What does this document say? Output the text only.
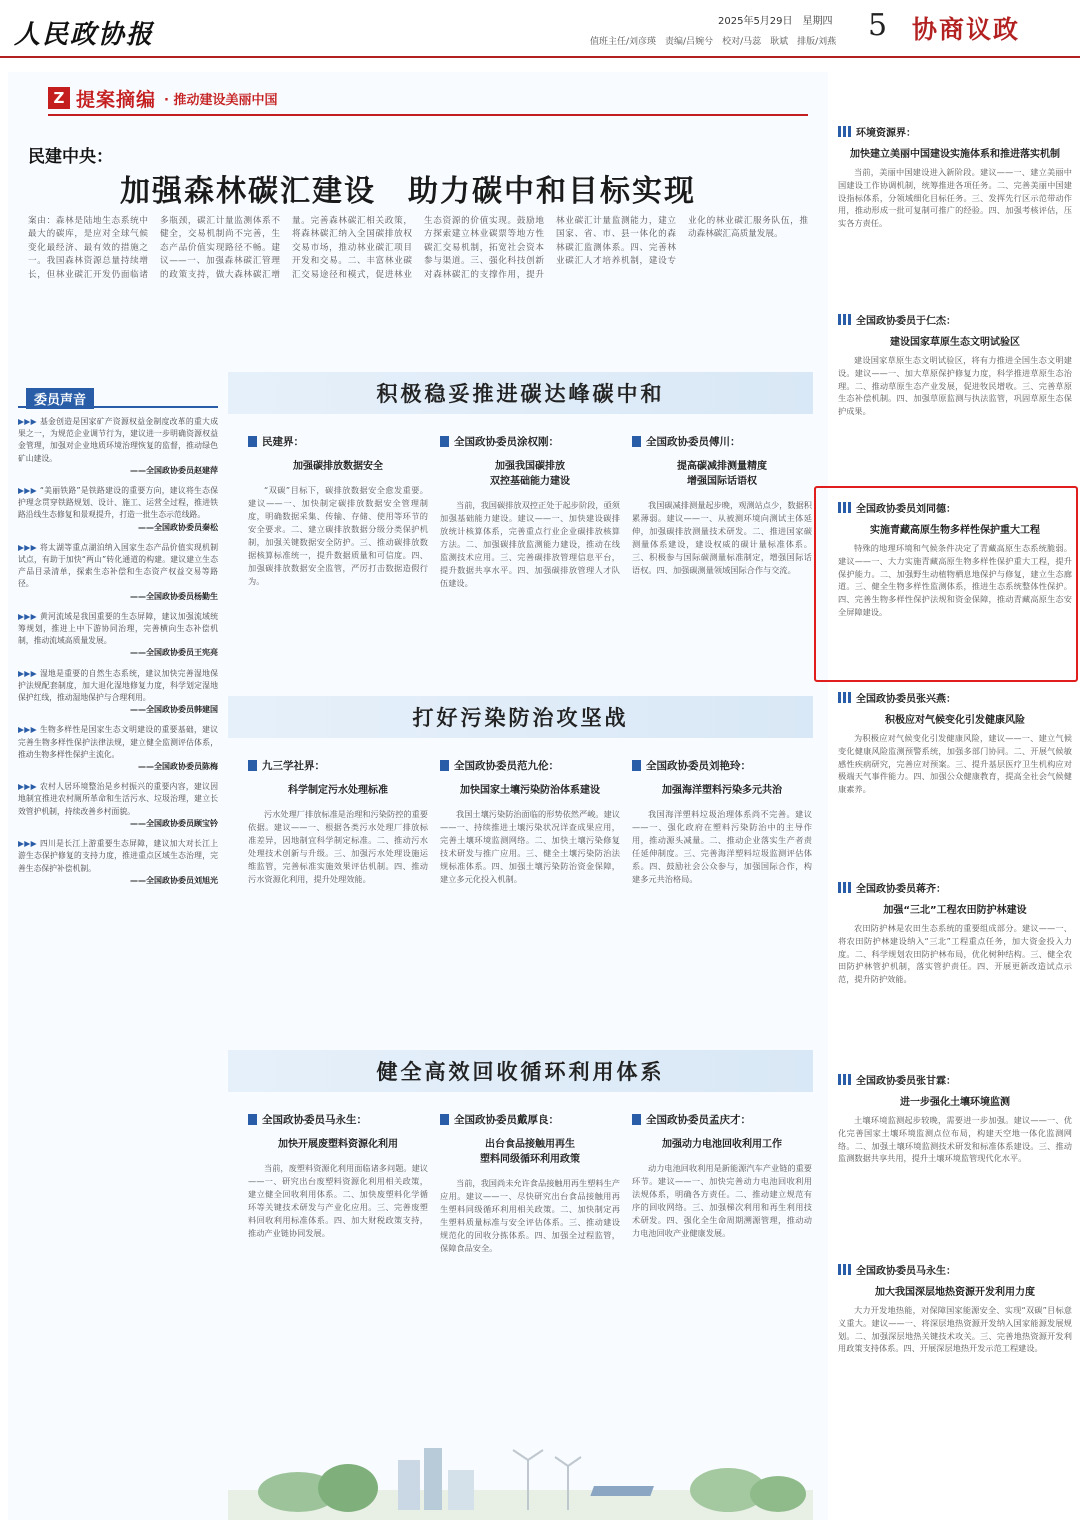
人民政协报	2025年5月29日　星期四
值班主任/刘彦瑛　责编/吕婉兮　校对/马蕊　耿斌　排版/刘燕 5 协商议政
Z 提案摘编 · 推动建设美丽中国
民建中央：
加强森林碳汇建设　助力碳中和目标实现
案由：森林是陆地生态系统中最大的碳库，是应对全球气候变化最经济、最有效的措施之一。我国森林资源总量持续增长，但林业碳汇开发仍面临诸多瓶颈，碳汇计量监测体系不健全，交易机制尚不完善，生态产品价值实现路径不畅。建议——一、加强森林碳汇管理的政策支持，做大森林碳汇增量。完善森林碳汇相关政策，将森林碳汇纳入全国碳排放权交易市场，推动林业碳汇项目开发和交易。二、丰富林业碳汇交易途径和模式，促进林业生态资源的价值实现。鼓励地方探索建立林业碳票等地方性碳汇交易机制，拓宽社会资本参与渠道。三、强化科技创新对森林碳汇的支撑作用，提升林业碳汇计量监测能力，建立国家、省、市、县一体化的森林碳汇监测体系。四、完善林业碳汇人才培养机制，建设专业化的林业碳汇服务队伍，推动森林碳汇高质量发展。
委员声音
▶▶▶ 基金创造是国家矿产资源权益金制度改革的重大成果之一，为规范企业调节行为，建议进一步明确资源权益金管理，加强对企业地质环境治理恢复的监督，推动绿色矿山建设。
——全国政协委员赵建萍
▶▶▶ “美丽铁路”是铁路建设的重要方向，建议将生态保护理念贯穿铁路规划、设计、施工、运营全过程，推进铁路沿线生态修复和景观提升，打造一批生态示范线路。
——全国政协委员秦松
▶▶▶ 将太湖等重点湖泊纳入国家生态产品价值实现机制试点，有助于加快“两山”转化通道的构建。建议建立生态产品目录清单，探索生态补偿和生态资产权益交易等路径。
——全国政协委员杨勤生
▶▶▶ 黄河流域是我国重要的生态屏障，建议加强流域统筹规划，推进上中下游协同治理，完善横向生态补偿机制，推动流域高质量发展。
——全国政协委员王宪亮
▶▶▶ 湿地是重要的自然生态系统，建议加快完善湿地保护法规配套制度，加大退化湿地修复力度，科学划定湿地保护红线，推动湿地保护与合理利用。
——全国政协委员韩建国
▶▶▶ 生物多样性是国家生态文明建设的重要基础，建议完善生物多样性保护法律法规，建立健全监测评估体系，推动生物多样性保护主流化。
——全国政协委员陈梅
▶▶▶ 农村人居环境整治是乡村振兴的重要内容，建议因地制宜推进农村厕所革命和生活污水、垃圾治理，建立长效管护机制，持续改善乡村面貌。
——全国政协委员顾宝钤
▶▶▶ 四川是长江上游重要生态屏障，建议加大对长江上游生态保护修复的支持力度，推进重点区域生态治理，完善生态保护补偿机制。
——全国政协委员刘旭光
积极稳妥推进碳达峰碳中和
民建界：
加强碳排放数据安全
“双碳”目标下，碳排放数据安全愈发重要。建议——一、加快制定碳排放数据安全管理制度，明确数据采集、传输、存储、使用等环节的安全要求。二、建立碳排放数据分级分类保护机制，加强关键数据安全防护。三、推动碳排放数据核算标准统一，提升数据质量和可信度。四、加强碳排放数据安全监管，严厉打击数据造假行为。
全国政协委员涂权刚：
加强我国碳排放
双控基础能力建设
当前，我国碳排放双控正处于起步阶段，亟须加强基础能力建设。建议——一、加快建设碳排放统计核算体系，完善重点行业企业碳排放核算方法。二、加强碳排放监测能力建设，推动在线监测技术应用。三、完善碳排放管理信息平台，提升数据共享水平。四、加强碳排放管理人才队伍建设。
全国政协委员傅川：
提高碳减排测量精度
增强国际话语权
我国碳减排测量起步晚，观测站点少，数据积累薄弱。建议——一、从被测环境向测试主体延伸，加强碳排放测量技术研发。二、推进国家碳测量体系建设，建设权威的碳计量标准体系。三、积极参与国际碳测量标准制定，增强国际话语权。四、加强碳测量领域国际合作与交流。
打好污染防治攻坚战
九三学社界：
科学制定污水处理标准
污水处理厂排放标准是治理和污染防控的重要依据。建议——一、根据各类污水处理厂排放标准差异，因地制宜科学制定标准。二、推动污水处理技术创新与升级。三、加强污水处理设施运维监管，完善标准实施效果评估机制。四、推动污水资源化利用，提升处理效能。
全国政协委员范九伦：
加快国家土壤污染防治体系建设
我国土壤污染防治面临的形势依然严峻。建议——一、持续推进土壤污染状况详查成果应用，完善土壤环境监测网络。二、加快土壤污染修复技术研发与推广应用。三、健全土壤污染防治法规标准体系。四、加强土壤污染防治资金保障，建立多元化投入机制。
全国政协委员刘艳玲：
加强海洋塑料污染多元共治
我国海洋塑料垃圾治理体系尚不完善。建议——一、强化政府在塑料污染防治中的主导作用，推动源头减量。二、推动企业落实生产者责任延伸制度。三、完善海洋塑料垃圾监测评估体系。四、鼓励社会公众参与，加强国际合作，构建多元共治格局。
健全高效回收循环利用体系
全国政协委员马永生：
加快开展废塑料资源化利用
当前，废塑料资源化利用面临诸多问题。建议——一、研究出台废塑料资源化利用相关政策，建立健全回收利用体系。二、加快废塑料化学循环等关键技术研发与产业化应用。三、完善废塑料回收利用标准体系。四、加大财税政策支持，推动产业链协同发展。
全国政协委员戴厚良：
出台食品接触用再生
塑料同级循环利用政策
当前，我国尚未允许食品接触用再生塑料生产应用。建议——一、尽快研究出台食品接触用再生塑料同级循环利用相关政策。二、加快制定再生塑料质量标准与安全评估体系。三、推动建设规范化的回收分拣体系。四、加强全过程监管，保障食品安全。
全国政协委员孟庆才：
加强动力电池回收利用工作
动力电池回收利用是新能源汽车产业链的重要环节。建议——一、加快完善动力电池回收利用法规体系，明确各方责任。二、推动建立规范有序的回收网络。三、加强梯次利用和再生利用技术研发。四、强化全生命周期溯源管理，推动动力电池回收产业健康发展。
环境资源界：
加快建立美丽中国建设实施体系和推进落实机制
当前，美丽中国建设进入新阶段。建议——一、建立美丽中国建设工作协调机制，统筹推进各项任务。二、完善美丽中国建设指标体系，分领域细化目标任务。三、发挥先行区示范带动作用，推动形成一批可复制可推广的经验。四、加强考核评估，压实各方责任。
全国政协委员于仁杰：
建设国家草原生态文明试验区
建设国家草原生态文明试验区，将有力推进全国生态文明建设。建议——一、加大草原保护修复力度，科学推进草原生态治理。二、推动草原生态产业发展，促进牧民增收。三、完善草原生态补偿机制。四、加强草原监测与执法监管，巩固草原生态保护成果。
全国政协委员刘同德：
实施青藏高原生物多样性保护重大工程
特殊的地理环境和气候条件决定了青藏高原生态系统脆弱。建议——一、大力实施青藏高原生物多样性保护重大工程，提升保护能力。二、加强野生动植物栖息地保护与修复，建立生态廊道。三、健全生物多样性监测体系，推进生态系统整体性保护。四、完善生物多样性保护法规和资金保障，推动青藏高原生态安全屏障建设。
全国政协委员张兴燕：
积极应对气候变化引发健康风险
为积极应对气候变化引发健康风险，建议——一、建立气候变化健康风险监测预警系统，加强多部门协同。二、开展气候敏感性疾病研究，完善应对预案。三、提升基层医疗卫生机构应对极端天气事件能力。四、加强公众健康教育，提高全社会气候健康素养。
全国政协委员蒋齐：
加强“三北”工程农田防护林建设
农田防护林是农田生态系统的重要组成部分。建议——一、将农田防护林建设纳入“三北”工程重点任务，加大资金投入力度。二、科学规划农田防护林布局，优化树种结构。三、健全农田防护林管护机制，落实管护责任。四、开展更新改造试点示范，提升防护效能。
全国政协委员张甘霖：
进一步强化土壤环境监测
土壤环境监测起步较晚，需要进一步加强。建议——一、优化完善国家土壤环境监测点位布局，构建天空地一体化监测网络。二、加强土壤环境监测技术研发和标准体系建设。三、推动监测数据共享共用，提升土壤环境监管现代化水平。
全国政协委员马永生：
加大我国深层地热资源开发利用力度
大力开发地热能，对保障国家能源安全、实现“双碳”目标意义重大。建议——一、将深层地热资源开发纳入国家能源发展规划。二、加强深层地热关键技术攻关。三、完善地热资源开发利用政策支持体系。四、开展深层地热开发示范工程建设。
